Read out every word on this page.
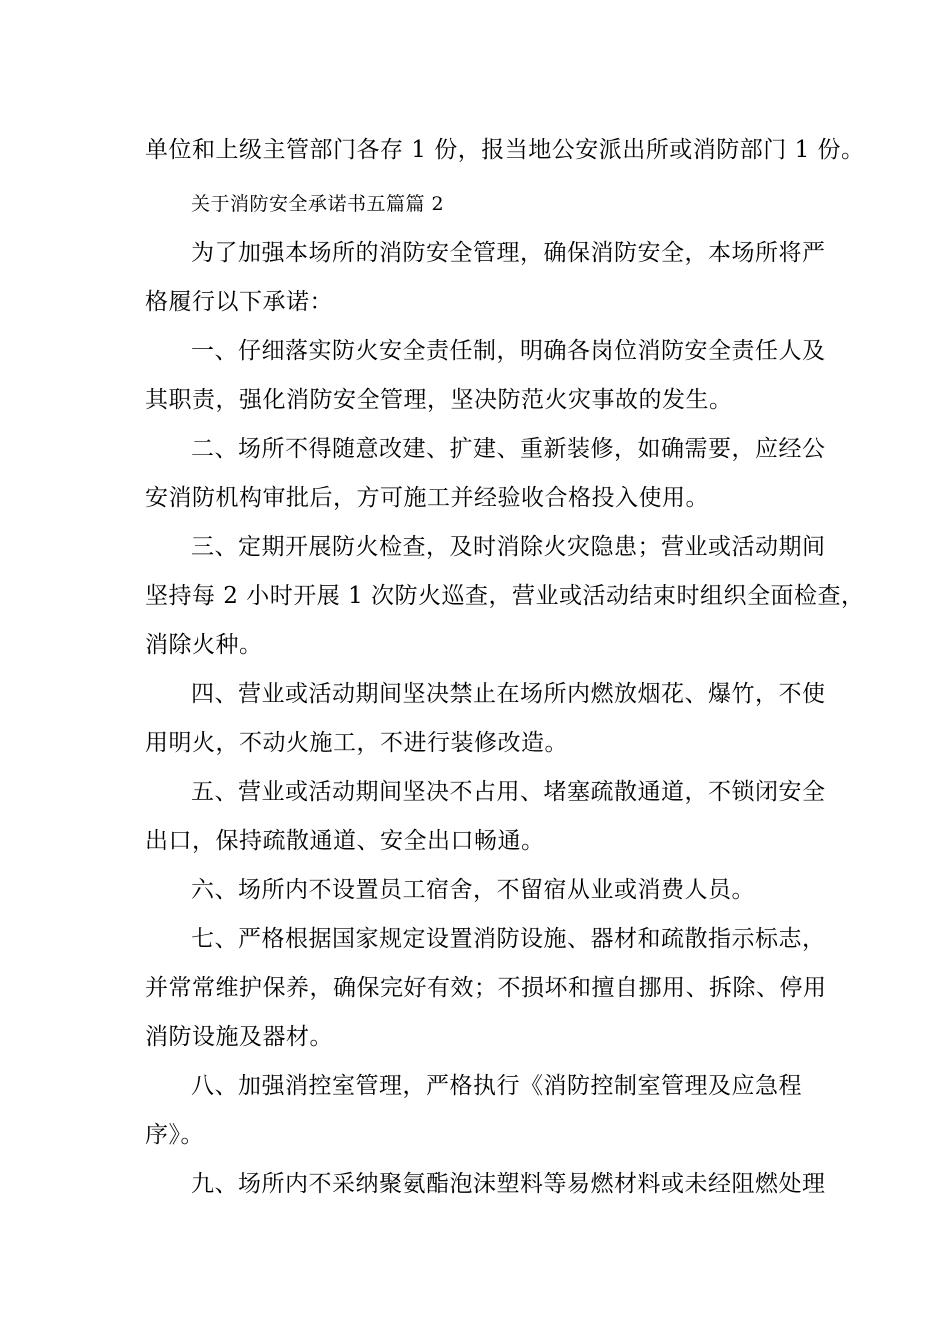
单位和上级主管部门各存 1 份，报当地公安派出所或消防部门 1 份。
关于消防安全承诺书五篇篇 2
为了加强本场所的消防安全管理，确保消防安全，本场所将严
格履行以下承诺：
一、仔细落实防火安全责任制，明确各岗位消防安全责任人及
其职责，强化消防安全管理，坚决防范火灾事故的发生。
二、场所不得随意改建、扩建、重新装修，如确需要，应经公
安消防机构审批后，方可施工并经验收合格投入使用。
三、定期开展防火检查，及时消除火灾隐患；营业或活动期间
坚持每 2 小时开展 1 次防火巡查，营业或活动结束时组织全面检查，
消除火种。
四、营业或活动期间坚决禁止在场所内燃放烟花、爆竹，不使
用明火，不动火施工，不进行装修改造。
五、营业或活动期间坚决不占用、堵塞疏散通道，不锁闭安全
出口，保持疏散通道、安全出口畅通。
六、场所内不设置员工宿舍，不留宿从业或消费人员。
七、严格根据国家规定设置消防设施、器材和疏散指示标志，
并常常维护保养，确保完好有效；不损坏和擅自挪用、拆除、停用
消防设施及器材。
八、加强消控室管理，严格执行《消防控制室管理及应急程
序》。
九、场所内不采纳聚氨酯泡沫塑料等易燃材料或未经阻燃处理
